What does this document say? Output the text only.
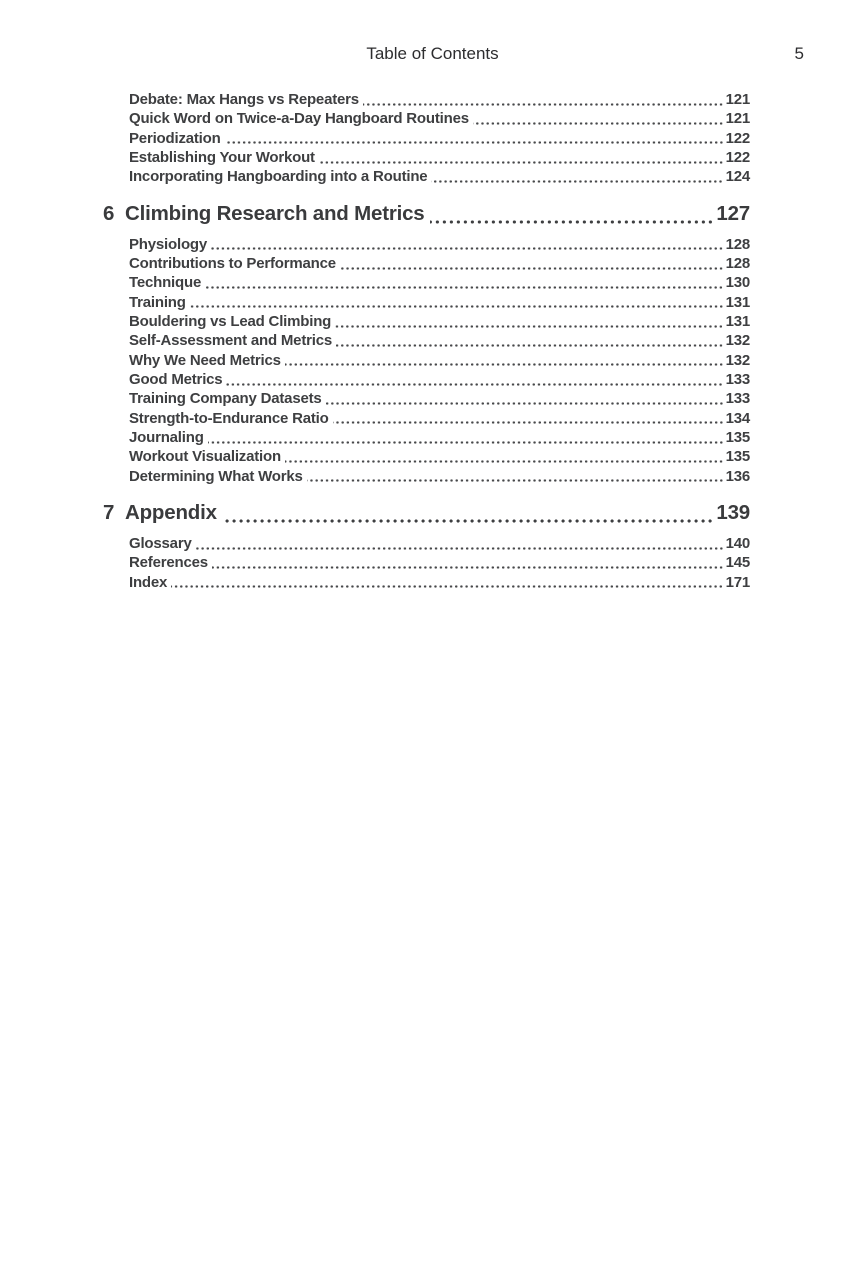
Table of Contents	5
Debate: Max Hangs vs Repeaters	121
Quick Word on Twice-a-Day Hangboard Routines	121
Periodization	122
Establishing Your Workout	122
Incorporating Hangboarding into a Routine	124
6 Climbing Research and Metrics	127
Physiology	128
Contributions to Performance	128
Technique	130
Training	131
Bouldering vs Lead Climbing	131
Self-Assessment and Metrics	132
Why We Need Metrics	132
Good Metrics	133
Training Company Datasets	133
Strength-to-Endurance Ratio	134
Journaling	135
Workout Visualization	135
Determining What Works	136
7 Appendix	139
Glossary	140
References	145
Index	171
